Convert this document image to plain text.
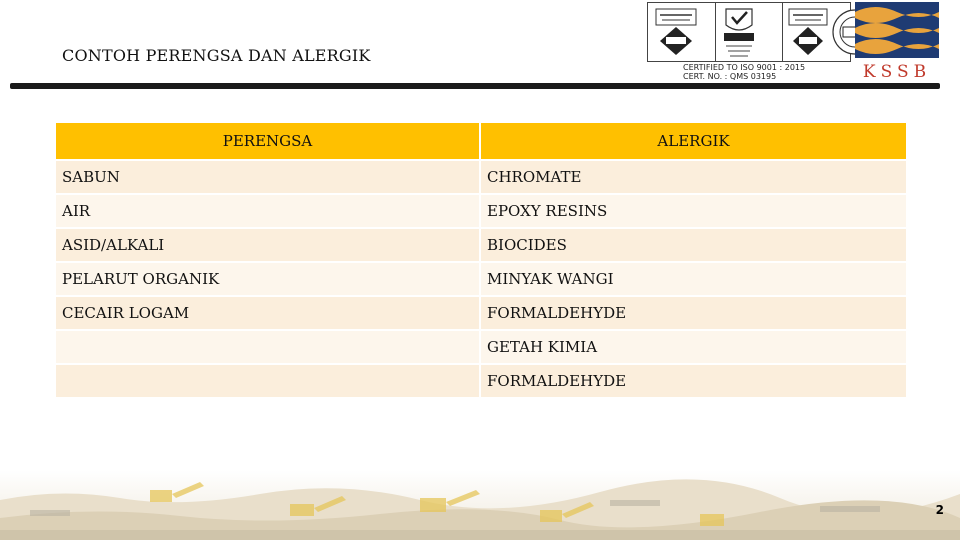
CONTOH PERENGSA DAN ALERGIK
CERTIFIED TO ISO 9001 : 2015
CERT. NO. : QMS 03195	KSSB
PERENGSA	ALERGIK
SABUN	CHROMATE
AIR	EPOXY RESINS
ASID/ALKALI	BIOCIDES
PELARUT ORGANIK	MINYAK WANGI
CECAIR LOGAM	FORMALDEHYDE
	GETAH KIMIA
	FORMALDEHYDE
2
